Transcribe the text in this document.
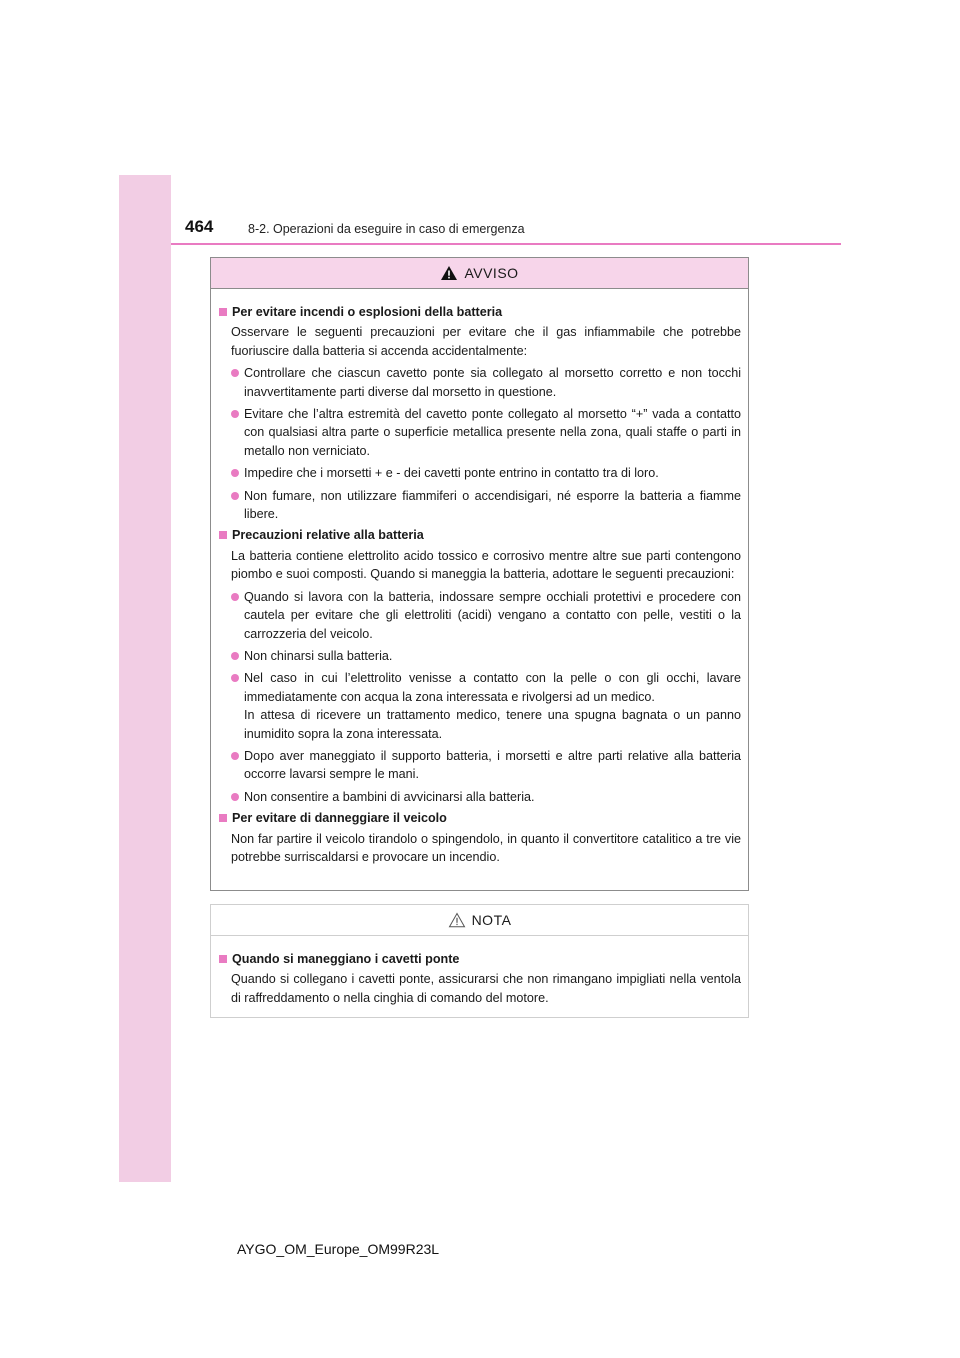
464	8-2. Operazioni da eseguire in caso di emergenza
AVVISO
Per evitare incendi o esplosioni della batteria
Osservare le seguenti precauzioni per evitare che il gas infiammabile che potrebbe fuoriuscire dalla batteria si accenda accidentalmente:
Controllare che ciascun cavetto ponte sia collegato al morsetto corretto e non tocchi inavvertitamente parti diverse dal morsetto in questione.
Evitare che l’altra estremità del cavetto ponte collegato al morsetto “+” vada a contatto con qualsiasi altra parte o superficie metallica presente nella zona, quali staffe o parti in metallo non verniciato.
Impedire che i morsetti + e - dei cavetti ponte entrino in contatto tra di loro.
Non fumare, non utilizzare fiammiferi o accendisigari, né esporre la batteria a fiamme libere.
Precauzioni relative alla batteria
La batteria contiene elettrolito acido tossico e corrosivo mentre altre sue parti contengono piombo e suoi composti. Quando si maneggia la batteria, adottare le seguenti precauzioni:
Quando si lavora con la batteria, indossare sempre occhiali protettivi e procedere con cautela per evitare che gli elettroliti (acidi) vengano a contatto con pelle, vestiti o la carrozzeria del veicolo.
Non chinarsi sulla batteria.
Nel caso in cui l’elettrolito venisse a contatto con la pelle o con gli occhi, lavare immediatamente con acqua la zona interessata e rivolgersi ad un medico.
In attesa di ricevere un trattamento medico, tenere una spugna bagnata o un panno inumidito sopra la zona interessata.
Dopo aver maneggiato il supporto batteria, i morsetti e altre parti relative alla batteria occorre lavarsi sempre le mani.
Non consentire a bambini di avvicinarsi alla batteria.
Per evitare di danneggiare il veicolo
Non far partire il veicolo tirandolo o spingendolo, in quanto il convertitore catalitico a tre vie potrebbe surriscaldarsi e provocare un incendio.
NOTA
Quando si maneggiano i cavetti ponte
Quando si collegano i cavetti ponte, assicurarsi che non rimangano impigliati nella ventola di raffreddamento o nella cinghia di comando del motore.
AYGO_OM_Europe_OM99R23L
